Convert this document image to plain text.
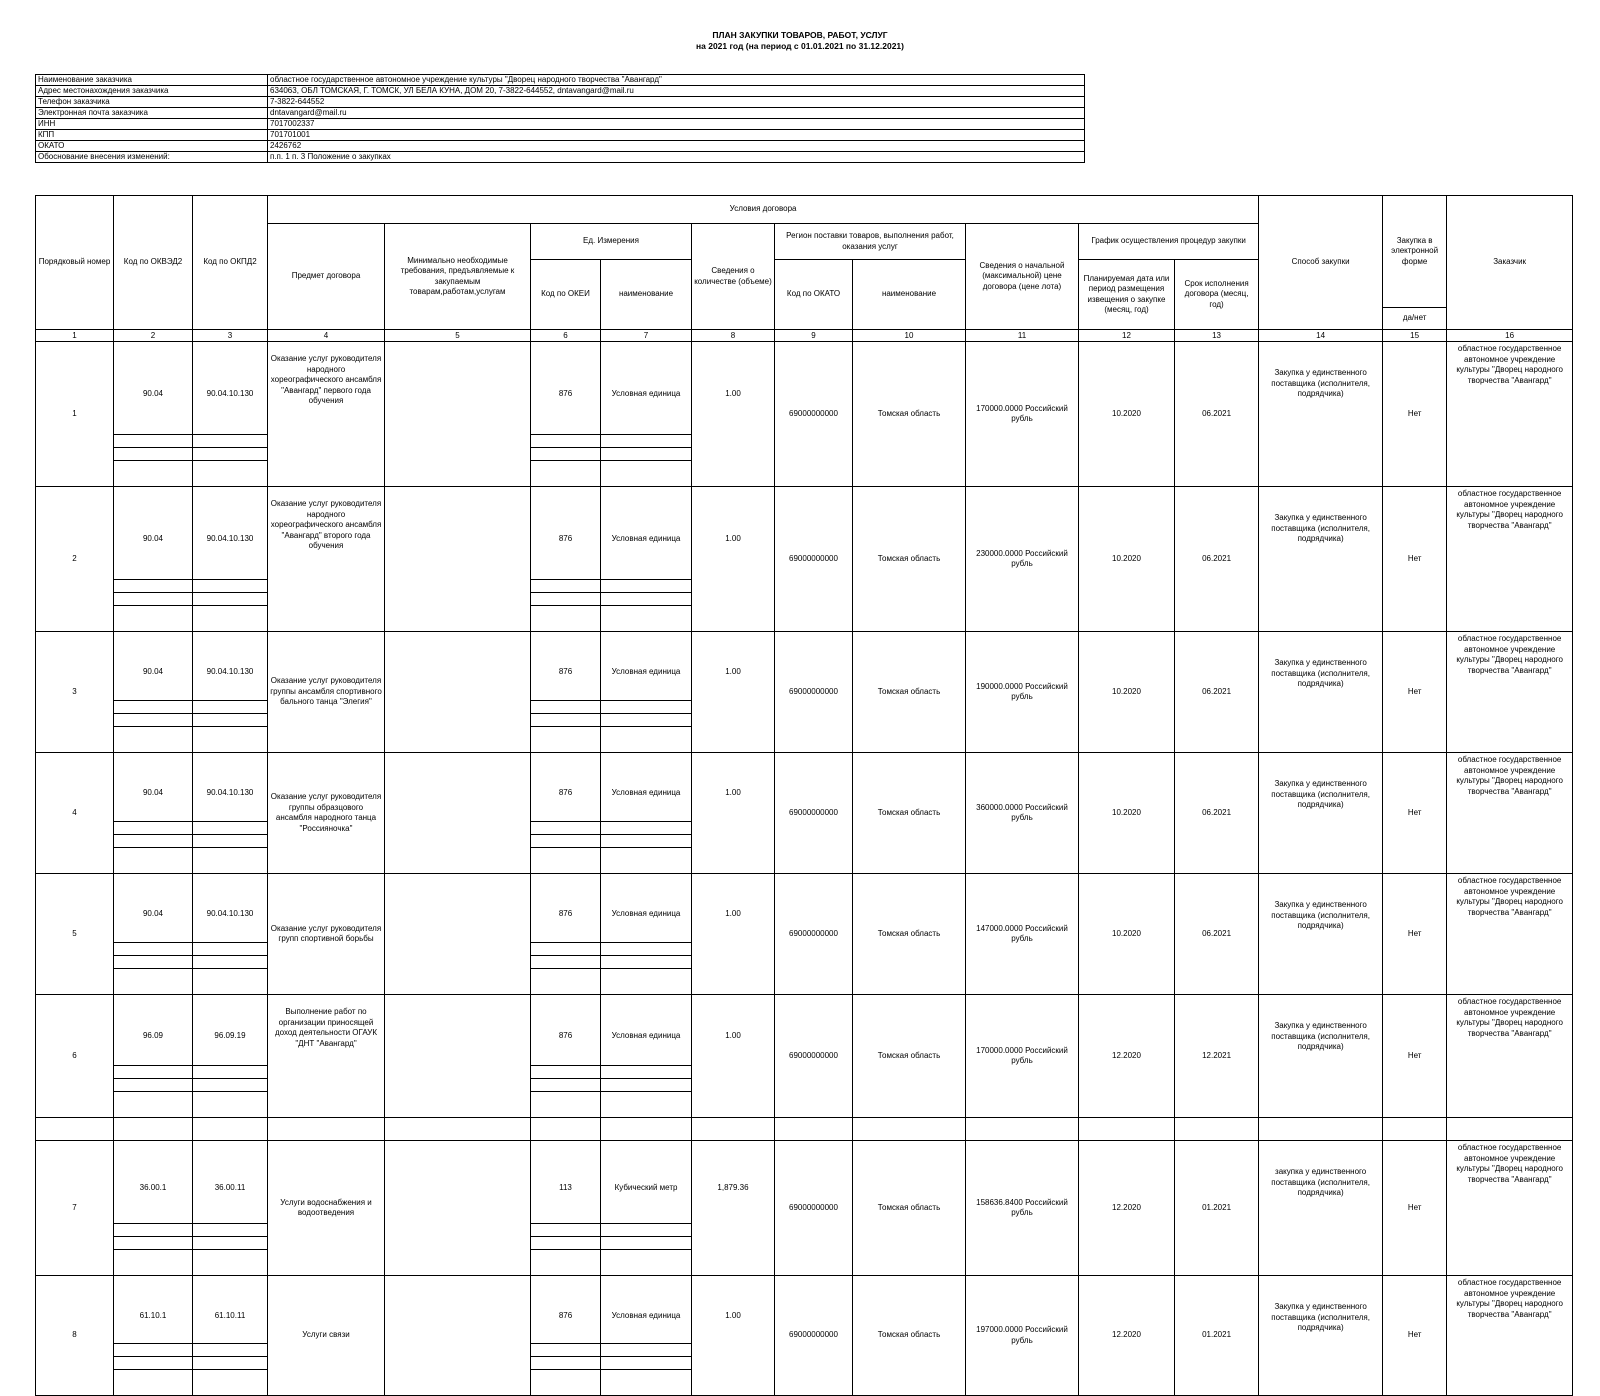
ПЛАН ЗАКУПКИ ТОВАРОВ, РАБОТ, УСЛУГ
на 2021 год (на период с 01.01.2021 по 31.12.2021)
Наименование заказчика	областное государственное автономное учреждение культуры "Дворец народного творчества "Авангард"
Адрес местонахождения заказчика	634063, ОБЛ ТОМСКАЯ, Г. ТОМСК, УЛ БЕЛА КУНА, ДОМ 20, 7-3822-644552, dntavangard@mail.ru
Телефон заказчика	7-3822-644552
Электронная почта заказчика	dntavangard@mail.ru
ИНН	7017002337
КПП	701701001
ОКАТО	2426762
Обоснование внесения изменений:	п.п. 1 п. 3 Положение о закупках
Порядковый номер	Код по ОКВЭД2	Код по ОКПД2	Условия договора										Способ закупки	Закупка в электронной форме	Заказчик
			Предмет договора	Минимально необходимые требования, предъявляемые к закупаемым товарам,работам,услугам	Ед. Измерения		Сведения о количестве (объеме)	Регион поставки товаров, выполнения работ, оказания услуг		Сведения о начальной (максимальной) цене договора (цене лота)	График осуществления процедур закупки				
					Код по ОКЕИ	наименование		Код по ОКАТО	наименование		Планируемая дата или период размещения извещения о закупке (месяц, год)	Срок исполнения договора (месяц, год)			
														да/нет	
1	2	3	4	5	6	7	8	9	10	11	12	13	14	15	16
1	90.04	90.04.10.130	Оказание услуг руководителя народного хореографического ансамбля "Авангард" первого года обучения		876	Условная единица	1.00	69000000000	Томская область	170000.0000 Российский рубль	10.2020	06.2021	Закупка у единственного поставщика (исполнителя, подрядчика)	Нет	областное государственное автономное учреждение культуры "Дворец народного творчества "Авангард"
2	90.04	90.04.10.130	Оказание услуг руководителя народного хореографического ансамбля "Авангард" второго года обучения		876	Условная единица	1.00	69000000000	Томская область	230000.0000 Российский рубль	10.2020	06.2021	Закупка у единственного поставщика (исполнителя, подрядчика)	Нет	областное государственное автономное учреждение культуры "Дворец народного творчества "Авангард"
3	90.04	90.04.10.130	Оказание услуг руководителя группы ансамбля спортивного бального танца "Элегия"		876	Условная единица	1.00	69000000000	Томская область	190000.0000 Российский рубль	10.2020	06.2021	Закупка у единственного поставщика (исполнителя, подрядчика)	Нет	областное государственное автономное учреждение культуры "Дворец народного творчества "Авангард"
4	90.04	90.04.10.130	Оказание услуг руководителя группы образцового ансамбля народного танца "Россияночка"		876	Условная единица	1.00	69000000000	Томская область	360000.0000 Российский рубль	10.2020	06.2021	Закупка у единственного поставщика (исполнителя, подрядчика)	Нет	областное государственное автономное учреждение культуры "Дворец народного творчества "Авангард"
5	90.04	90.04.10.130	Оказание услуг руководителя групп спортивной борьбы		876	Условная единица	1.00	69000000000	Томская область	147000.0000 Российский рубль	10.2020	06.2021	Закупка у единственного поставщика (исполнителя, подрядчика)	Нет	областное государственное автономное учреждение культуры "Дворец народного творчества "Авангард"
6	96.09	96.09.19	Выполнение работ по организации приносящей доход деятельности ОГАУК "ДНТ "Авангард"		876	Условная единица	1.00	69000000000	Томская область	170000.0000 Российский рубль	12.2020	12.2021	Закупка у единственного поставщика (исполнителя, подрядчика)	Нет	областное государственное автономное учреждение культуры "Дворец народного творчества "Авангард"

7	36.00.1	36.00.11	Услуги водоснабжения и водоотведения		113	Кубический метр	1,879.36	69000000000	Томская область	158636.8400 Российский рубль	12.2020	01.2021	закупка у единственного поставщика (исполнителя, подрядчика)	Нет	областное государственное автономное учреждение культуры "Дворец народного творчества "Авангард"
8	61.10.1	61.10.11	Услуги связи		876	Условная единица	1.00	69000000000	Томская область	197000.0000 Российский рубль	12.2020	01.2021	Закупка у единственного поставщика (исполнителя, подрядчика)	Нет	областное государственное автономное учреждение культуры "Дворец народного творчества "Авангард"
